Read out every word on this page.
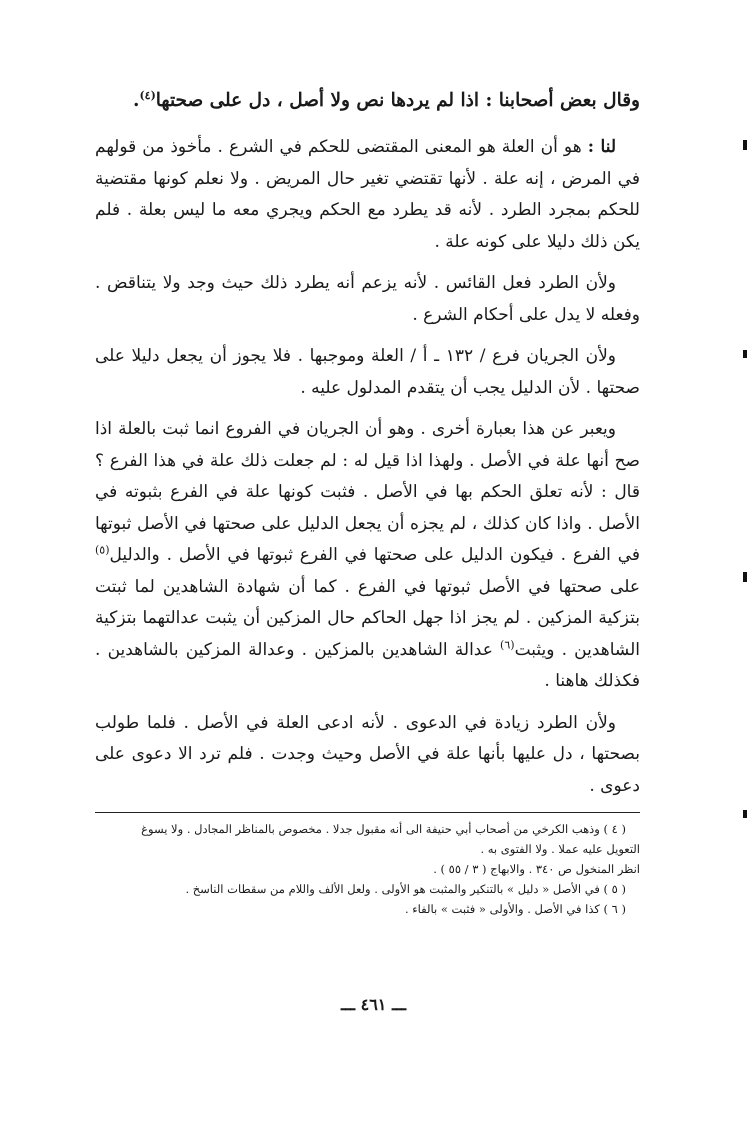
وقال بعض أصحابنا : اذا لم يردها نص ولا أصل ، دل على صحتها$^{(٤)}$.

لنا : هو أن العلة هو المعنى المقتضى للحكم في الشرع . مأخوذ من قولهم في المرض ، إنه علة . لأنها تقتضي تغير حال المريض . ولا نعلم كونها مقتضية للحكم بمجرد الطرد . لأنه قد يطرد مع الحكم ويجري معه ما ليس بعلة . فلم يكن ذلك دليلا على كونه علة .

ولأن الطرد فعل القائس . لأنه يزعم أنه يطرد ذلك حيث وجد ولا يتناقض . وفعله لا يدل على أحكام الشرع .

ولأن الجريان فرع / ١٣٢ ـ أ / العلة وموجبها . فلا يجوز أن يجعل دليلا على صحتها . لأن الدليل يجب أن يتقدم المدلول عليه .

ويعبر عن هذا بعبارة أخرى . وهو أن الجريان في الفروع انما ثبت بالعلة اذا صح أنها علة في الأصل . ولهذا اذا قيل له : لم جعلت ذلك علة في هذا الفرع ؟ قال : لأنه تعلق الحكم بها في الأصل . فثبت كونها علة في الفرع بثبوته في الأصل . واذا كان كذلك ، لم يجزه أن يجعل الدليل على صحتها في الأصل ثبوتها في الفرع . فيكون الدليل على صحتها في الفرع ثبوتها في الأصل . والدليل$^{(٥)}$ على صحتها في الأصل ثبوتها في الفرع . كما أن شهادة الشاهدين لما ثبتت بتزكية المزكين . لم يجز اذا جهل الحاكم حال المزكين أن يثبت عدالتهما بتزكية الشاهدين . ويثبت$^{(٦)}$ عدالة الشاهدين بالمزكين . وعدالة المزكين بالشاهدين . فكذلك هاهنا .

ولأن الطرد زيادة في الدعوى . لأنه ادعى العلة في الأصل . فلما طولب بصحتها ، دل عليها بأنها علة في الأصل وحيث وجدت . فلم ترد الا دعوى على دعوى .

( ٤ ) وذهب الكرخي من أصحاب أبي حنيفة الى أنه مقبول جدلا . مخصوص بالمناظر المجادل . ولا يسوغ

التعويل عليه عملا . ولا الفتوى به .

انظر المنخول ص ٣٤٠ . والابهاج ( ٣ / ٥٥ ) .

( ٥ ) في الأصل « دليل » بالتنكير والمثبت هو الأولى . ولعل الألف واللام من سقطات الناسخ .

( ٦ ) كذا في الأصل . والأولى « فثبت » بالفاء .

ـــ ٤٦١ ـــ
